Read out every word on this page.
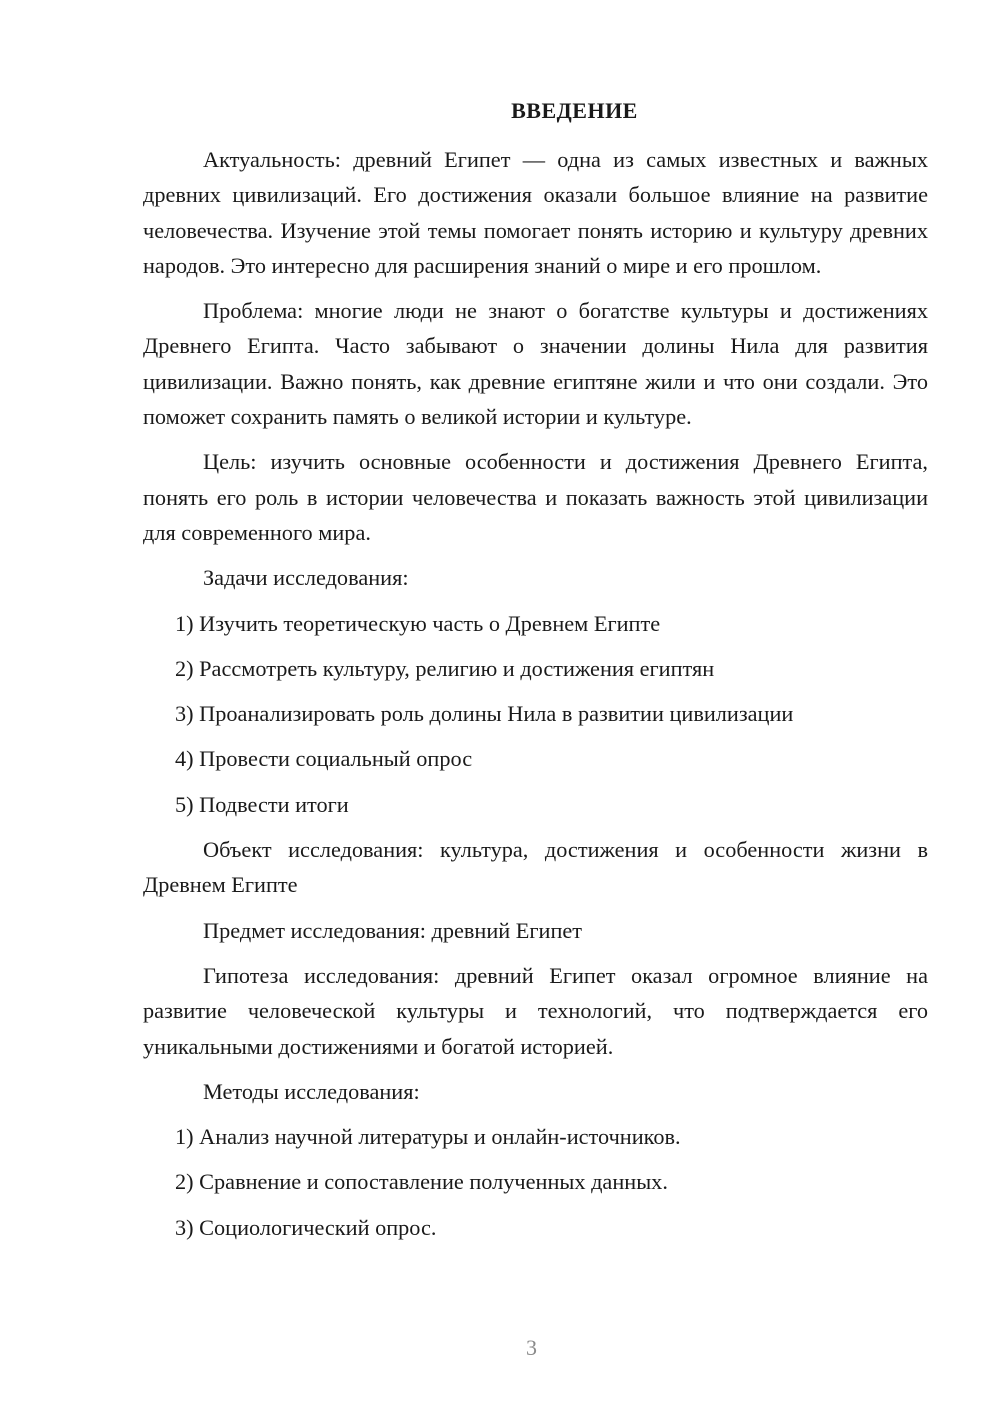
ВВЕДЕНИЕ

Актуальность: древний Египет — одна из самых известных и важных древних цивилизаций. Его достижения оказали большое влияние на развитие человечества. Изучение этой темы помогает понять историю и культуру древних народов. Это интересно для расширения знаний о мире и его прошлом.

Проблема: многие люди не знают о богатстве культуры и достижениях Древнего Египта. Часто забывают о значении долины Нила для развития цивилизации. Важно понять, как древние египтяне жили и что они создали. Это поможет сохранить память о великой истории и культуре.

Цель: изучить основные особенности и достижения Древнего Египта, понять его роль в истории человечества и показать важность этой цивилизации для современного мира.

Задачи исследования:

1) Изучить теоретическую часть о Древнем Египте

2) Рассмотреть культуру, религию и достижения египтян

3) Проанализировать роль долины Нила в развитии цивилизации

4) Провести социальный опрос

5) Подвести итоги

Объект исследования: культура, достижения и особенности жизни в Древнем Египте

Предмет исследования: древний Египет

Гипотеза исследования: древний Египет оказал огромное влияние на развитие человеческой культуры и технологий, что подтверждается его уникальными достижениями и богатой историей.

Методы исследования:

1) Анализ научной литературы и онлайн-источников.

2) Сравнение и сопоставление полученных данных.

3) Социологический опрос.

3
